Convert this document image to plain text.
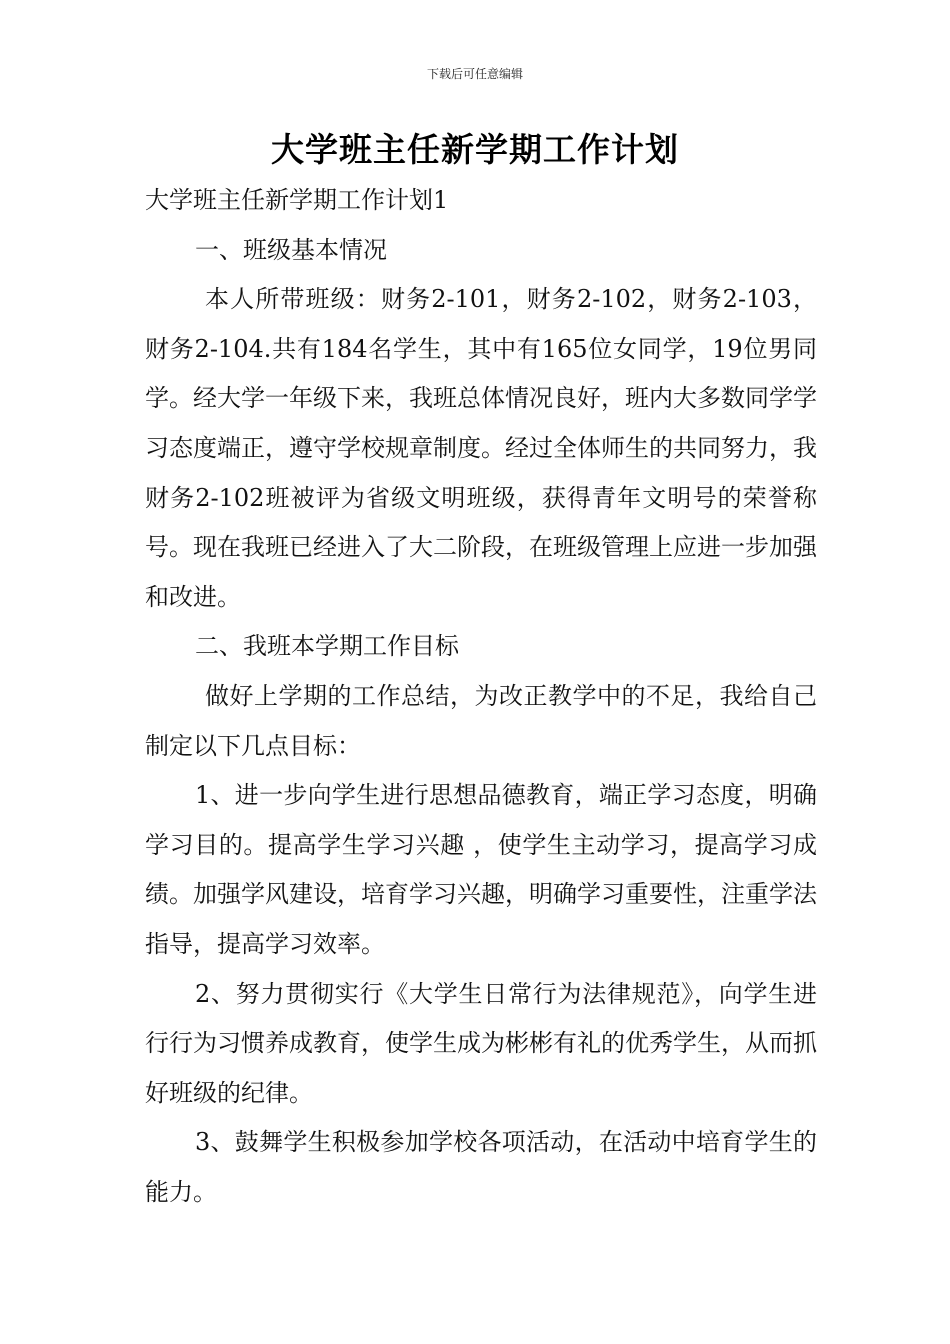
下载后可任意编辑
大学班主任新学期工作计划

大学班主任新学期工作计划1

一、班级基本情况

本人所带班级：财务2-101，财务2-102，财务2-103，财务2-104.共有184名学生，其中有165位女同学，19位男同学。经大学一年级下来，我班总体情况良好，班内大多数同学学习态度端正，遵守学校规章制度。经过全体师生的共同努力，我财务2-102班被评为省级文明班级，获得青年文明号的荣誉称号。现在我班已经进入了大二阶段，在班级管理上应进一步加强和改进。

二、我班本学期工作目标

做好上学期的工作总结，为改正教学中的不足，我给自己制定以下几点目标：

1、进一步向学生进行思想品德教育，端正学习态度，明确学习目的。提高学生学习兴趣 ，使学生主动学习，提高学习成绩。加强学风建设，培育学习兴趣，明确学习重要性，注重学法指导，提高学习效率。

2、努力贯彻实行《大学生日常行为法律规范》，向学生进行行为习惯养成教育，使学生成为彬彬有礼的优秀学生，从而抓好班级的纪律。

3、鼓舞学生积极参加学校各项活动，在活动中培育学生的能力。
